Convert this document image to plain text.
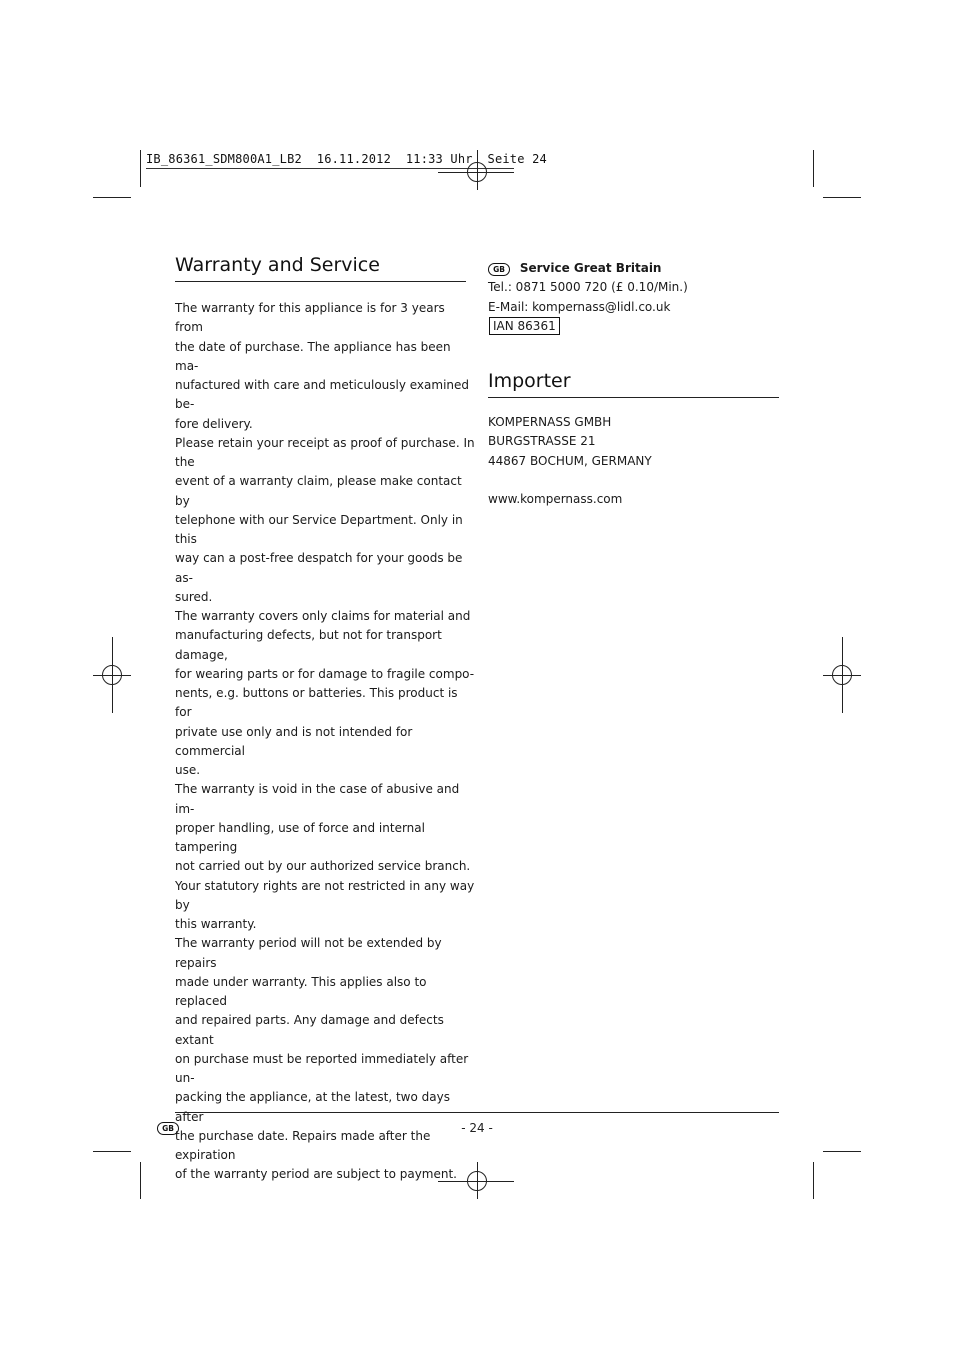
IB_86361_SDM800A1_LB2  16.11.2012  11:33 Uhr  Seite 24
Warranty and Service

The warranty for this appliance is for 3 years from

the date of purchase. The appliance has been ma-

nufactured with care and meticulously examined be-

fore delivery.

Please retain your receipt as proof of purchase. In the

event of a warranty claim, please make contact by

telephone with our Service Department. Only in this

way can a post-free despatch for your goods be as-

sured.

The warranty covers only claims for material and

manufacturing defects, but not for transport damage,

for wearing parts or for damage to fragile compo-

nents, e.g. buttons or batteries. This product is for

private use only and is not intended for commercial

use.

The warranty is void in the case of abusive and im-

proper handling, use of force and internal tampering

not carried out by our authorized service branch.

Your statutory rights are not restricted in any way by

this warranty.

The warranty period will not be extended by repairs

made under warranty. This applies also to replaced

and repaired parts. Any damage and defects extant

on purchase must be reported immediately after un-

packing the appliance, at the latest, two days after

the purchase date. Repairs made after the expiration

of the warranty period are subject to payment.

GB Service Great Britain

Tel.: 0871 5000 720 (£ 0.10/Min.)

E-Mail: kompernass@lidl.co.uk

IAN 86361

Importer

KOMPERNASS GMBH

BURGSTRASSE 21

44867 BOCHUM, GERMANY

www.kompernass.com

GB	- 24 -
